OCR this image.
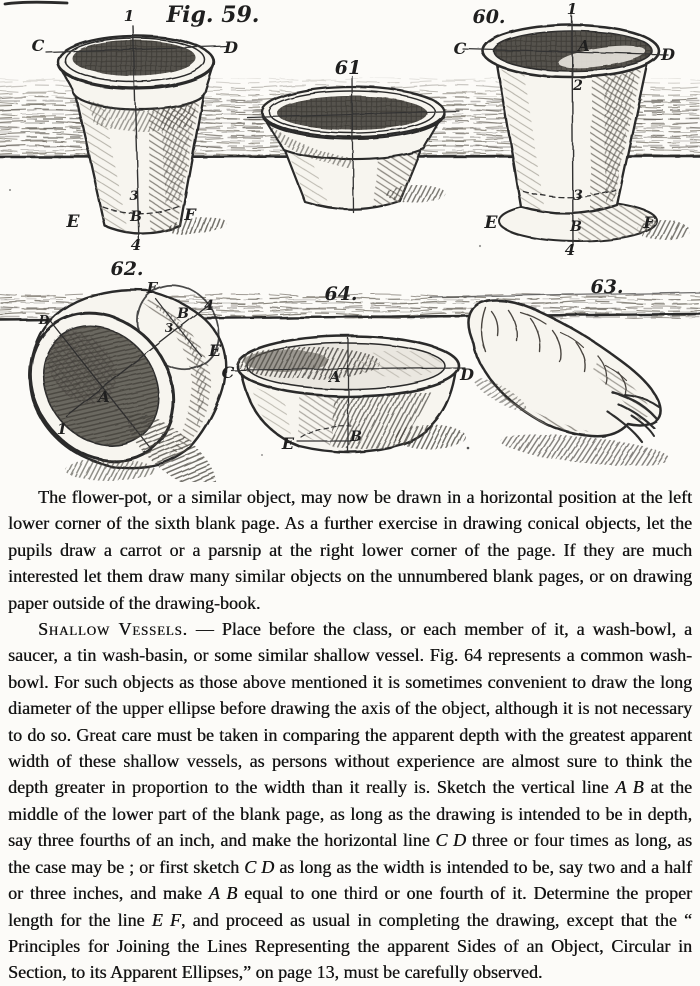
Fig. 59.
1
C	D
3
B
E	F
4
61
60.	1
C	A	D
2
3
E	B	F
4
62.
F
4
B
3
E
A
1
D
63.
64.
C	A	D
E	B

The flower-pot, or a similar object, may now be drawn in a horizontal position at the left lower corner of the sixth blank page. As a further exercise in drawing conical objects, let the pupils draw a carrot or a parsnip at the right lower corner of the page. If they are much interested let them draw many similar objects on the unnumbered blank pages, or on drawing paper outside of the drawing-book.

Shallow Vessels. — Place before the class, or each member of it, a wash-bowl, a saucer, a tin wash-basin, or some similar shallow vessel. Fig. 64 represents a common wash-bowl. For such objects as those above mentioned it is sometimes convenient to draw the long diameter of the upper ellipse before drawing the axis of the object, although it is not necessary to do so. Great care must be taken in comparing the apparent depth with the greatest apparent width of these shallow vessels, as persons without experience are almost sure to think the depth greater in proportion to the width than it really is. Sketch the vertical line A B at the middle of the lower part of the blank page, as long as the drawing is intended to be in depth, say three fourths of an inch, and make the horizontal line C D three or four times as long, as the case may be ; or first sketch C D as long as the width is intended to be, say two and a half or three inches, and make A B equal to one third or one fourth of it. Determine the proper length for the line E F, and proceed as usual in completing the drawing, except that the “ Principles for Joining the Lines Representing the apparent Sides of an Object, Circular in Section, to its Apparent Ellipses,” on page 13, must be carefully observed.
